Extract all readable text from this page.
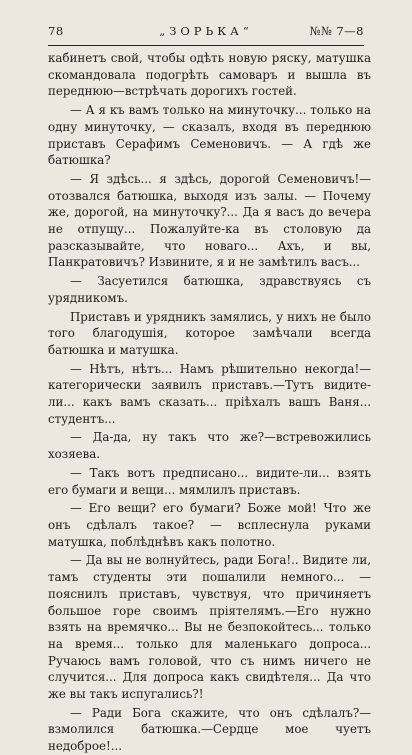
78	„ЗОРЬКА“	№№ 7—8

кабинетъ свой, чтобы одѣть новую ряску, матушка скомандовала подогрѣть самоваръ и вышла въ переднюю—встрѣчать дорогихъ гостей.

— А я къ вамъ только на минуточку... только на одну минуточку, — сказалъ, входя въ переднюю приставъ Серафимъ Семеновичъ. — А гдѣ же батюшка?

— Я здѣсь... я здѣсь, дорогой Семеновичъ!— отозвался батюшка, выходя изъ залы. — Почему же, дорогой, на минуточку?... Да я васъ до вечера не отпущу... Пожалуйте-ка въ столовую да разсказывайте, что новаго... Ахъ, и вы, Панкратовичъ? Извините, я и не замѣтилъ васъ...

— Засуетился батюшка, здравствуясь съ урядникомъ.

Приставъ и урядникъ замялись, у нихъ не было того благодушія, которое замѣчали всегда батюшка и матушка.

— Нѣтъ, нѣтъ... Намъ рѣшительно некогда!— категорически заявилъ приставъ.—Тутъ видите-ли... какъ вамъ сказать... пріѣхалъ вашъ Ваня... студентъ...

— Да-да, ну такъ что же?—встревожились хозяева.

— Такъ вотъ предписано... видите-ли... взять его бумаги и вещи... мямлилъ приставъ.

— Его вещи? его бумаги? Боже мой! Что же онъ сдѣлалъ такое? — всплеснула руками матушка, поблѣднѣвъ какъ полотно.

— Да вы не волнуйтесь, ради Бога!.. Видите ли, тамъ студенты эти пошалили немного... — пояснилъ приставъ, чувствуя, что причиняетъ большое горе своимъ пріятелямъ.—Его нужно взять на времячко... Вы не безпокойтесь... только на время... только для маленькаго допроса... Ручаюсь вамъ головой, что съ нимъ ничего не случится... Для допроса какъ свидѣтеля... Да что же вы такъ испугались?!

— Ради Бога скажите, что онъ сдѣлалъ?—взмолился батюшка.—Сердце мое чуетъ недоброе!...
